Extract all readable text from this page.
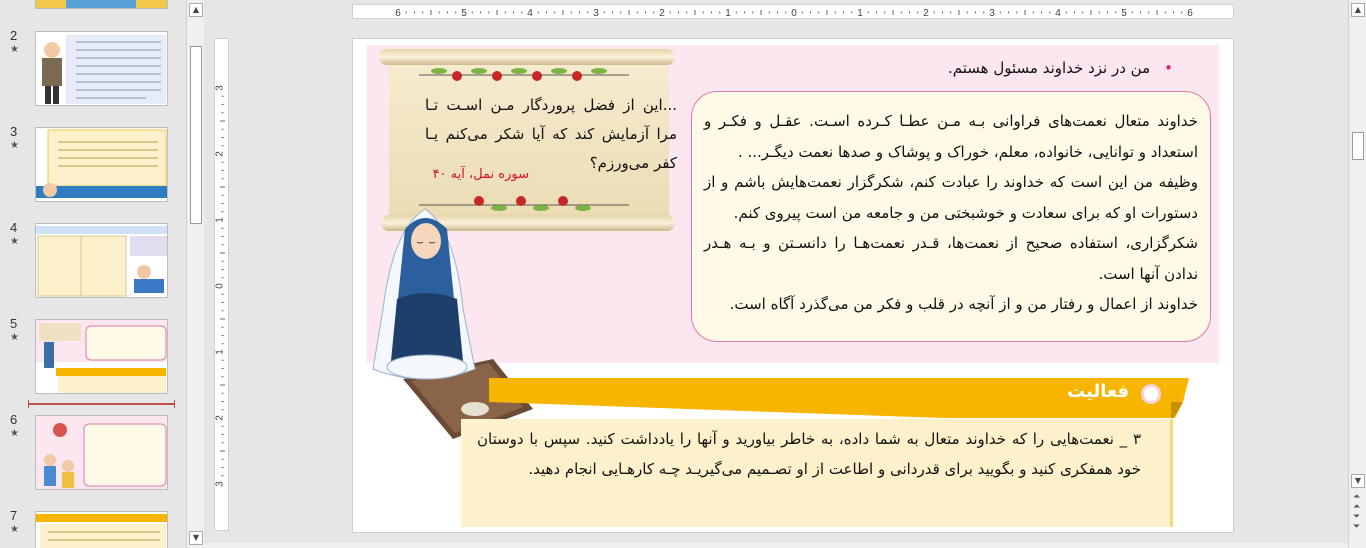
2
★
3
★
4
★
5
★
6
★
7
★
▲
▼
6	5	4	3	2	1	0	1	2	3	4	5	6
3
2
1
0
1
2
3
•من در نزد خداوند مسئول هستم.

خداوند متعال نعمت‌های فراوانی بـه مـن عطـا کـرده اسـت. عقـل و فکـر و استعداد و توانایی، خانواده، معلم، خوراک و پوشاک و صدها نعمت دیگـر... .

وظیفه من این است که خداوند را عبادت کنم، شکرگزار نعمت‌هایش باشم و از دستورات او که برای سعادت و خوشبختی من و جامعه من است پیروی کنم.

شکرگزاری، استفاده صحیح از نعمت‌ها، قـدر نعمت‌هـا را دانسـتن و بـه هـدر ندادن آنها است.

خداوند از اعمال و رفتار من و از آنچه در قلب و فکر من می‌گذرد آگاه است.

...این از فضل پروردگار مـن اسـت تـا مرا آزمایش کند که آیا شکر می‌کنم یـا کفر می‌ورزم؟
سوره نمل، آیه ۴۰
فعالیت
۳ _ نعمت‌هایی را که خداوند متعال به شما داده، به خاطر بیاورید و آنها را یادداشت کنید. سپس با دوستان خود همفکری کنید و بگویید برای قدردانی و اطاعت از او تصـمیم می‌گیریـد چـه کارهـایی انجام دهید.
▲
▼
⏶
⏶
⏷
⏷
